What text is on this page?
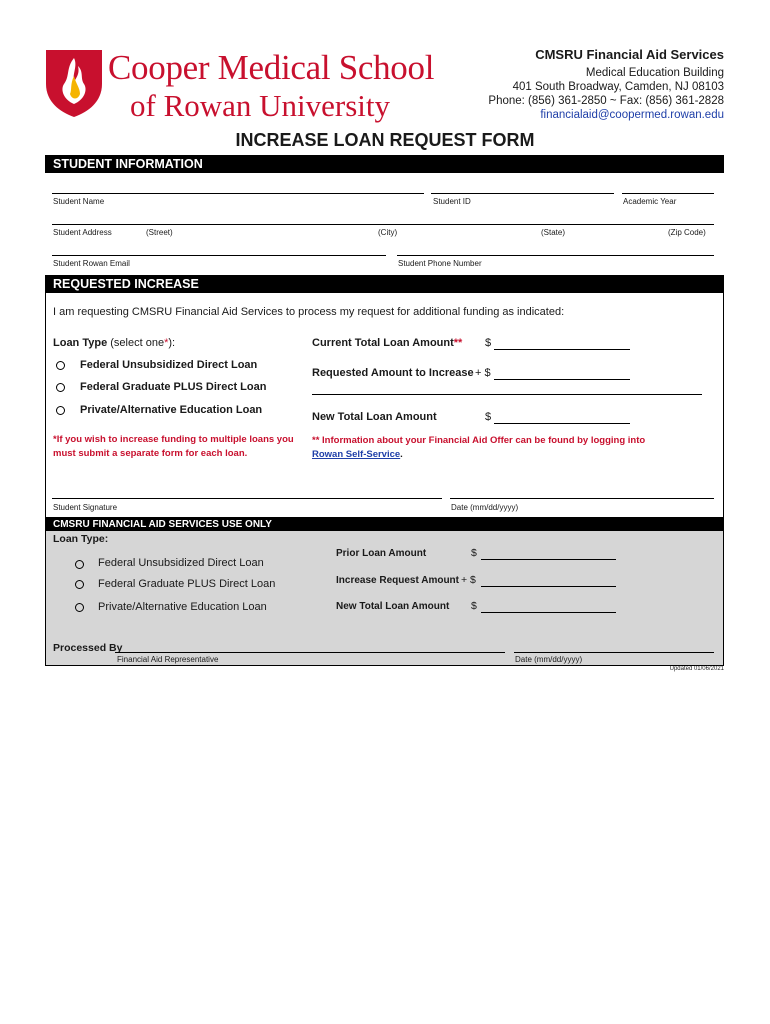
Cooper Medical School
of Rowan University
CMSRU Financial Aid Services
Medical Education Building
401 South Broadway, Camden, NJ 08103
Phone: (856) 361-2850 ~ Fax: (856) 361-2828
financialaid@coopermed.rowan.edu
INCREASE LOAN REQUEST FORM
STUDENT INFORMATION
Student Name	Student ID	Academic Year
Student Address	(Street)	(City)	(State)	(Zip Code)
Student Rowan Email	Student Phone Number
REQUESTED INCREASE
I am requesting CMSRU Financial Aid Services to process my request for additional funding as indicated:
Loan Type (select one*):
Federal Unsubsidized Direct Loan
Federal Graduate PLUS Direct Loan
Private/Alternative Education Loan
Current Total Loan Amount** $
Requested Amount to Increase + $
New Total Loan Amount	$
*If you wish to increase funding to multiple loans you
must submit a separate form for each loan.
** Information about your Financial Aid Offer can be found by logging into
Rowan Self-Service.
Student Signature	Date (mm/dd/yyyy)
CMSRU FINANCIAL AID SERVICES USE ONLY
Loan Type:
Federal Unsubsidized Direct Loan
Federal Graduate PLUS Direct Loan
Private/Alternative Education Loan
Prior Loan Amount	$
Increase Request Amount + $
New Total Loan Amount $
Processed By
Financial Aid Representative	Date (mm/dd/yyyy)
Updated 01/06/2021
